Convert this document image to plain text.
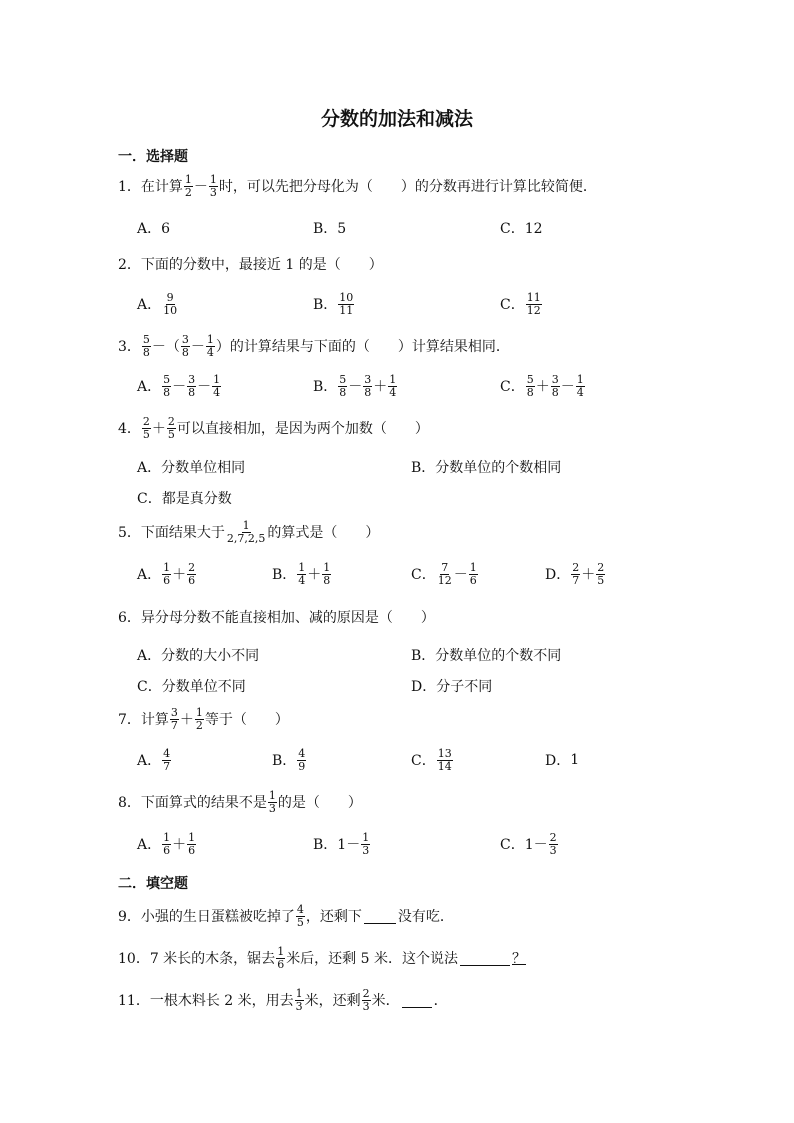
分数的加法和减法
一．选择题
1． 在计算 $\frac{1}{2} - \frac{1}{3}$ 时，可以先把分母化为（　　）的分数再进行计算比较简便．
A．6	B．5	C．12
2．下面的分数中，最接近 1 的是（　　）
A． $\frac{9}{10}$	B． $\frac{10}{11}$	C． $\frac{11}{12}$
3． $\frac{5}{8}$ － （ $\frac{3}{8} - \frac{1}{4}$ ） 的计算结果与下面的（　　）计算结果相同．
A． $\frac{5}{8} - \frac{3}{8} - \frac{1}{4}$	B． $\frac{5}{8} - \frac{3}{8} + \frac{1}{4}$	C． $\frac{5}{8} + \frac{3}{8} - \frac{1}{4}$
4． $\frac{2}{5} + \frac{2}{5}$ 可以直接相加，是因为两个加数（　　）
A．分数单位相同	B．分数单位的个数相同
C．都是真分数
5． 下面结果大于 $\frac{1}{2,7,2,5}$ 的算式是（　　）
A． $\frac{1}{6} + \frac{2}{6}$	B． $\frac{1}{4} + \frac{1}{8}$	C． $\frac{7}{12} - \frac{1}{6}$	D． $\frac{2}{7} + \frac{2}{5}$
6．异分母分数不能直接相加、减的原因是（　　）
A．分数的大小不同	B．分数单位的个数不同
C．分数单位不同	D．分子不同
7． 计算 $\frac{3}{7} + \frac{1}{2}$ 等于（　　）
A． $\frac{4}{7}$	B． $\frac{4}{9}$	C． $\frac{13}{14}$	D． 1
8． 下面算式的结果不是 $\frac{1}{3}$ 的是（　　）
A． $\frac{1}{6} + \frac{1}{6}$	B． $1- \frac{1}{3}$	C． $1- \frac{2}{3}$
二．填空题
9． 小强的生日蛋糕被吃掉了 $\frac{4}{5}$ ，还剩下	没有吃．
10． 7 米长的木条，锯去 $\frac{1}{6}$ 米后，还剩 5 米．这个说法	？
11． 一根木料长 2 米，用去 $\frac{1}{3}$ 米，还剩 $\frac{2}{3}$ 米． ．
